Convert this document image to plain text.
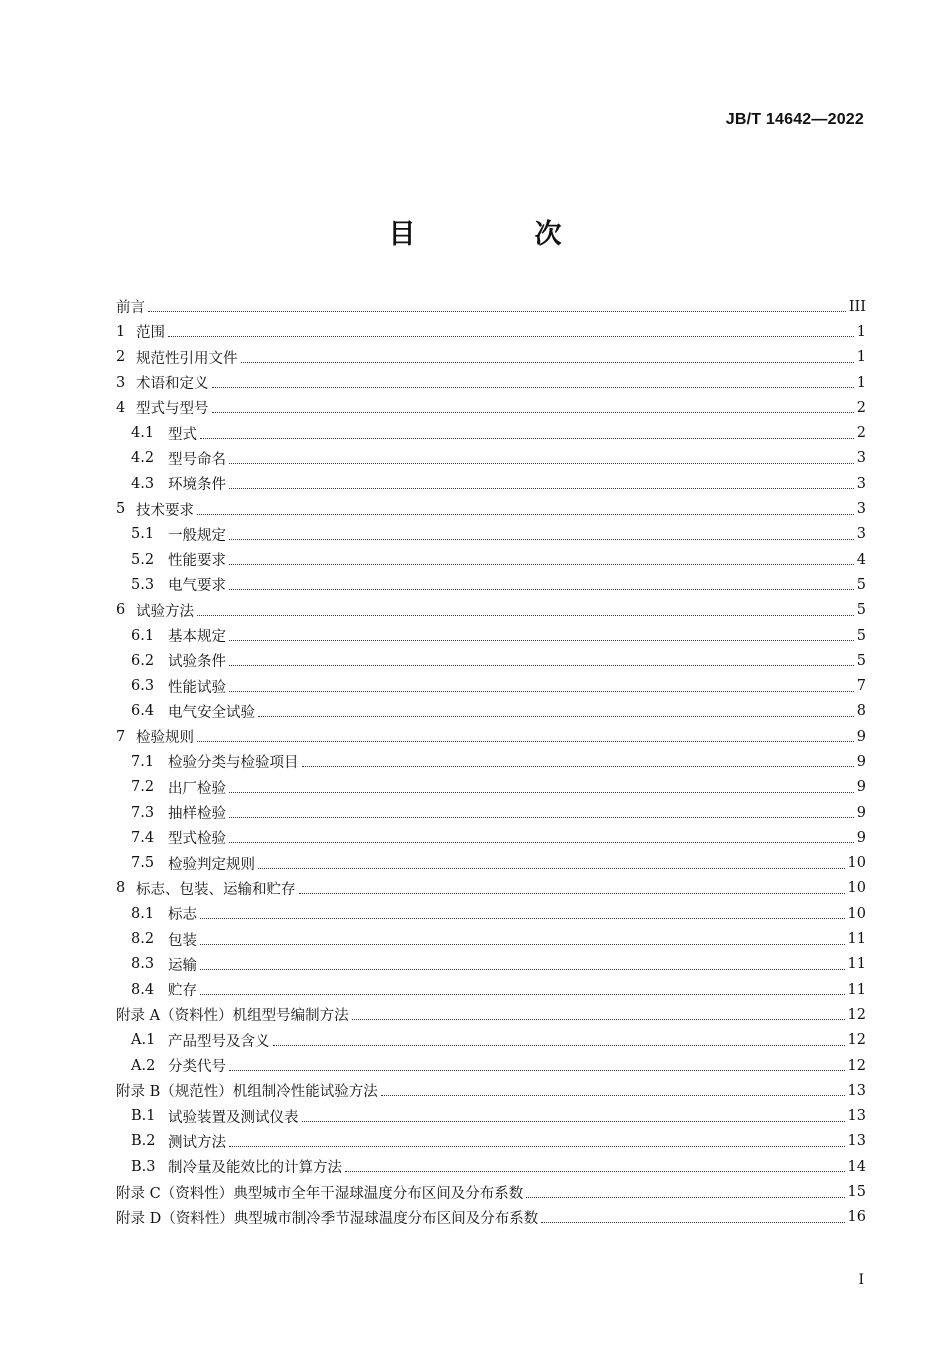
JB/T 14642—2022
目　次
前言	III
1 范围	1
2 规范性引用文件	1
3 术语和定义	1
4 型式与型号	2
4.1 型式	2
4.2 型号命名	3
4.3 环境条件	3
5 技术要求	3
5.1 一般规定	3
5.2 性能要求	4
5.3 电气要求	5
6 试验方法	5
6.1 基本规定	5
6.2 试验条件	5
6.3 性能试验	7
6.4 电气安全试验	8
7 检验规则	9
7.1 检验分类与检验项目	9
7.2 出厂检验	9
7.3 抽样检验	9
7.4 型式检验	9
7.5 检验判定规则	10
8 标志、包装、运输和贮存	10
8.1 标志	10
8.2 包装	11
8.3 运输	11
8.4 贮存	11
附录 A（资料性）机组型号编制方法	12
A.1 产品型号及含义	12
A.2 分类代号	12
附录 B（规范性）机组制冷性能试验方法	13
B.1 试验装置及测试仪表	13
B.2 测试方法	13
B.3 制冷量及能效比的计算方法	14
附录 C（资料性）典型城市全年干湿球温度分布区间及分布系数	15
附录 D（资料性）典型城市制冷季节湿球温度分布区间及分布系数	16
I
